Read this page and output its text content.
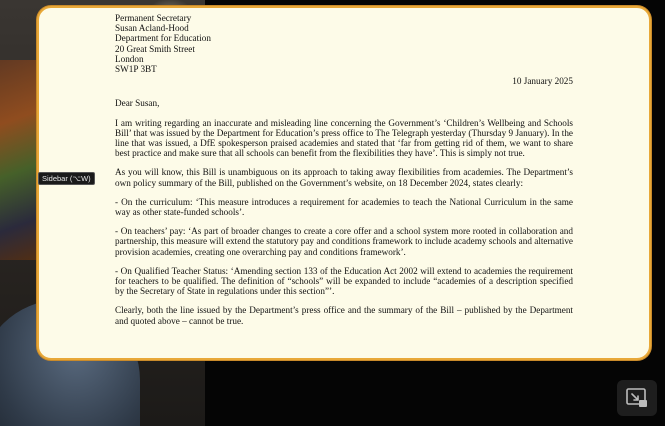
Permanent Secretary
Susan Acland-Hood
Department for Education
20 Great Smith Street
London
SW1P 3BT
10 January 2025
Dear Susan,
I am writing regarding an inaccurate and misleading line concerning the Government’s ‘Children’s Wellbeing and Schools Bill’ that was issued by the Department for Education’s press office to The Telegraph yesterday (Thursday 9 January). In the line that was issued, a DfE spokesperson praised academies and stated that ‘far from getting rid of them, we want to share best practice and make sure that all schools can benefit from the flexibilities they have’. This is simply not true.
As you will know, this Bill is unambiguous on its approach to taking away flexibilities from academies. The Department’s own policy summary of the Bill, published on the Government’s website, on 18 December 2024, states clearly:
- On the curriculum: ‘This measure introduces a requirement for academies to teach the National Curriculum in the same way as other state-funded schools’.
- On teachers’ pay: ‘As part of broader changes to create a core offer and a school system more rooted in collaboration and partnership, this measure will extend the statutory pay and conditions framework to include academy schools and alternative provision academies, creating one overarching pay and conditions framework’.
- On Qualified Teacher Status: ‘Amending section 133 of the Education Act 2002 will extend to academies the requirement for teachers to be qualified. The definition of “schools” will be expanded to include “academies of a description specified by the Secretary of State in regulations under this section”’.
Clearly, both the line issued by the Department’s press office and the summary of the Bill – published by the Department and quoted above – cannot be true.
Sidebar (⌥W)
